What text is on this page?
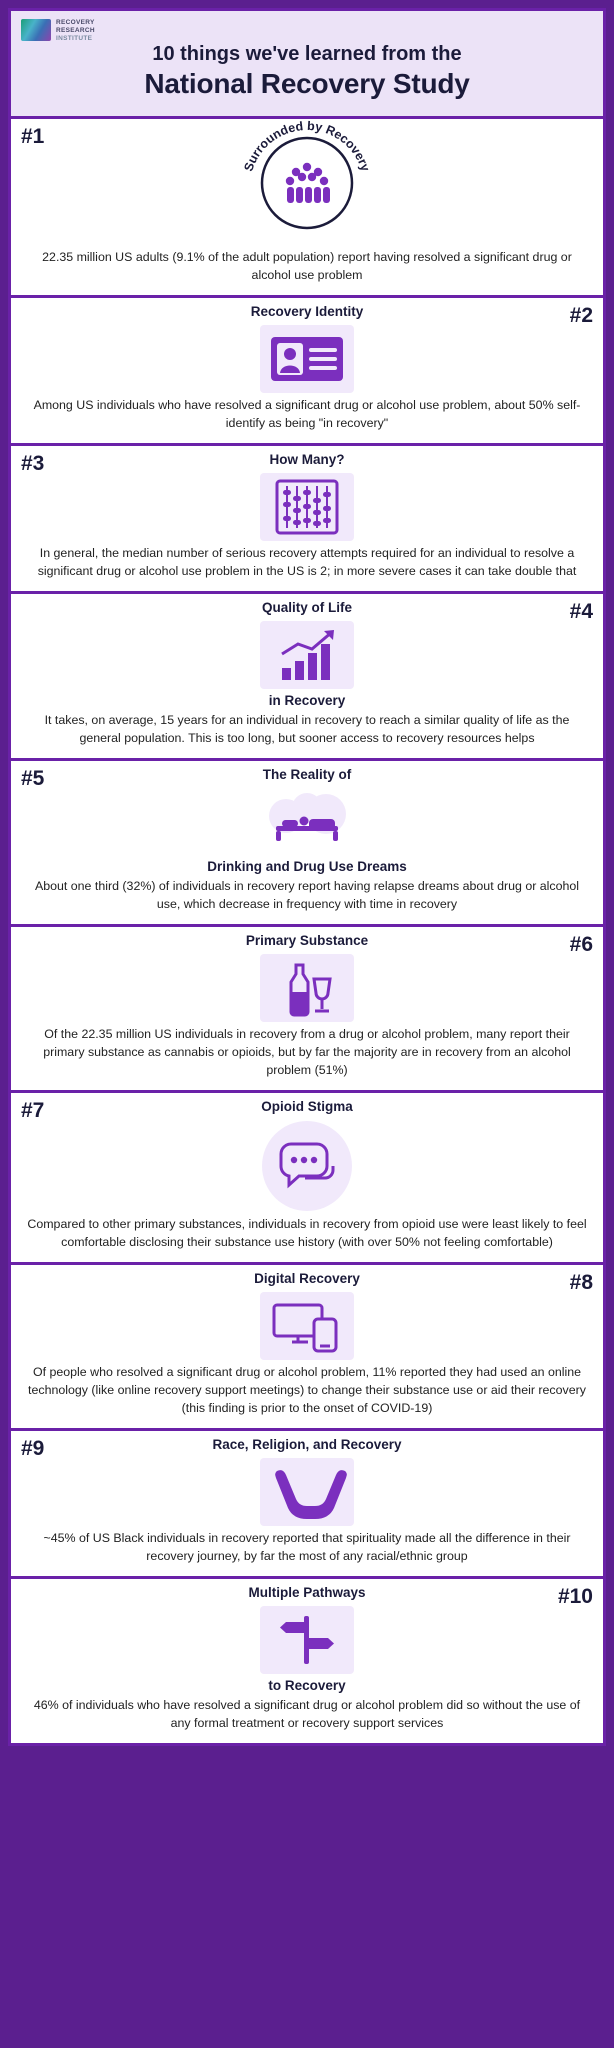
RECOVERY
RESEARCH
INSTITUTE
10 things we've learned from the
National Recovery Study
#1
Surrounded by Recovery
22.35 million US adults (9.1% of the adult population) report having resolved a significant drug or alcohol use problem
#2
Recovery Identity
Among US individuals who have resolved a significant drug or alcohol use problem, about 50% self-identify as being "in recovery"
#3	How Many?
In general, the median number of serious recovery attempts required for an individual to resolve a significant drug or alcohol use problem in the US is 2; in more severe cases it can take double that
#4
Quality of Life
in Recovery
It takes, on average, 15 years for an individual in recovery to reach a similar quality of life as the general population. This is too long, but sooner access to recovery resources helps
#5	The Reality of
Drinking and Drug Use Dreams
About one third (32%) of individuals in recovery report having relapse dreams about drug or alcohol use, which decrease in frequency with time in recovery
#6
Primary Substance
Of the 22.35 million US individuals in recovery from a drug or alcohol problem, many report their primary substance as cannabis or opioids, but by far the majority are in recovery from an alcohol problem (51%)
#7	Opioid Stigma
Compared to other primary substances, individuals in recovery from opioid use were least likely to feel comfortable disclosing their substance use history (with over 50% not feeling comfortable)
#8
Digital Recovery
Of people who resolved a significant drug or alcohol problem, 11% reported they had used an online technology (like online recovery support meetings) to change their substance use or aid their recovery (this finding is prior to the onset of COVID-19)
#9	Race, Religion, and Recovery
~45% of US Black individuals in recovery reported that spirituality made all the difference in their recovery journey, by far the most of any racial/ethnic group
#10
Multiple Pathways
to Recovery
46% of individuals who have resolved a significant drug or alcohol problem did so without the use of any formal treatment or recovery support services
